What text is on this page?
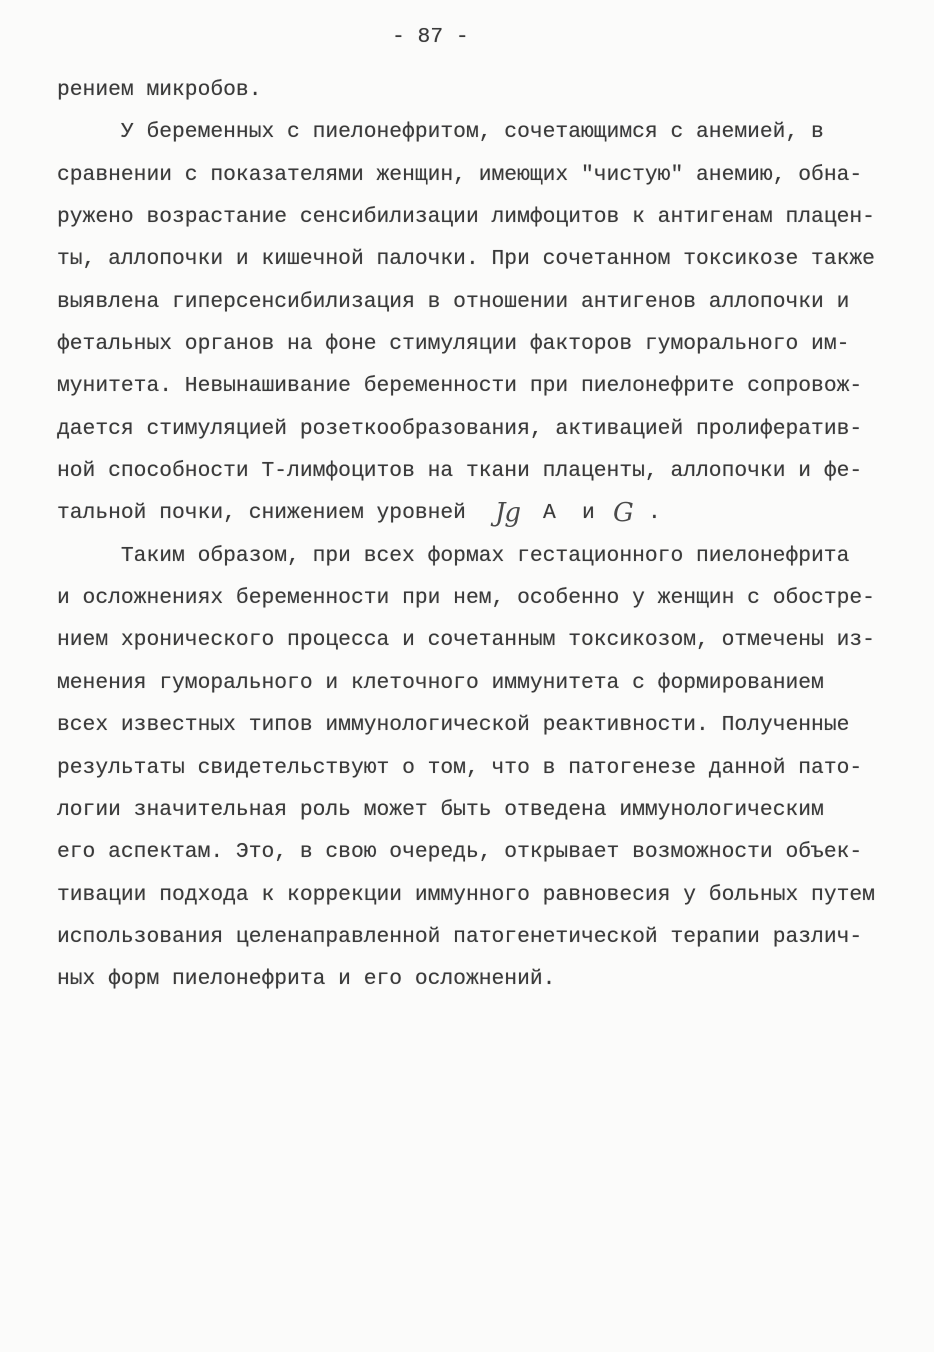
- 87 -
рением микробов.
У беременных с пиелонефритом, сочетающимся с анемией, в
сравнении с показателями женщин, имеющих "чистую" анемию, обна-
ружено возрастание сенсибилизации лимфоцитов к антигенам плацен-
ты, аллопочки и кишечной палочки. При сочетанном токсикозе также
выявлена гиперсенсибилизация в отношении антигенов аллопочки и
фетальных органов на фоне стимуляции факторов гуморального им-
мунитета. Невынашивание беременности при пиелонефрите сопровож-
дается стимуляцией розеткообразования, активацией пролифератив-
ной способности Т-лимфоцитов на ткани плаценты, аллопочки и фе-

тальной почки, снижением уровней

Jg

A

и

G

.

Таким образом, при всех формах гестационного пиелонефрита
и осложнениях беременности при нем, особенно у женщин с обостре-
нием хронического процесса и сочетанным токсикозом, отмечены из-
менения гуморального и клеточного иммунитета с формированием
всех известных типов иммунологической реактивности. Полученные
результаты свидетельствуют о том, что в патогенезе данной пато-
логии значительная роль может быть отведена иммунологическим
его аспектам. Это, в свою очередь, открывает возможности объек-
тивации подхода к коррекции иммунного равновесия у больных путем
использования целенаправленной патогенетической терапии различ-
ных форм пиелонефрита и его осложнений.
